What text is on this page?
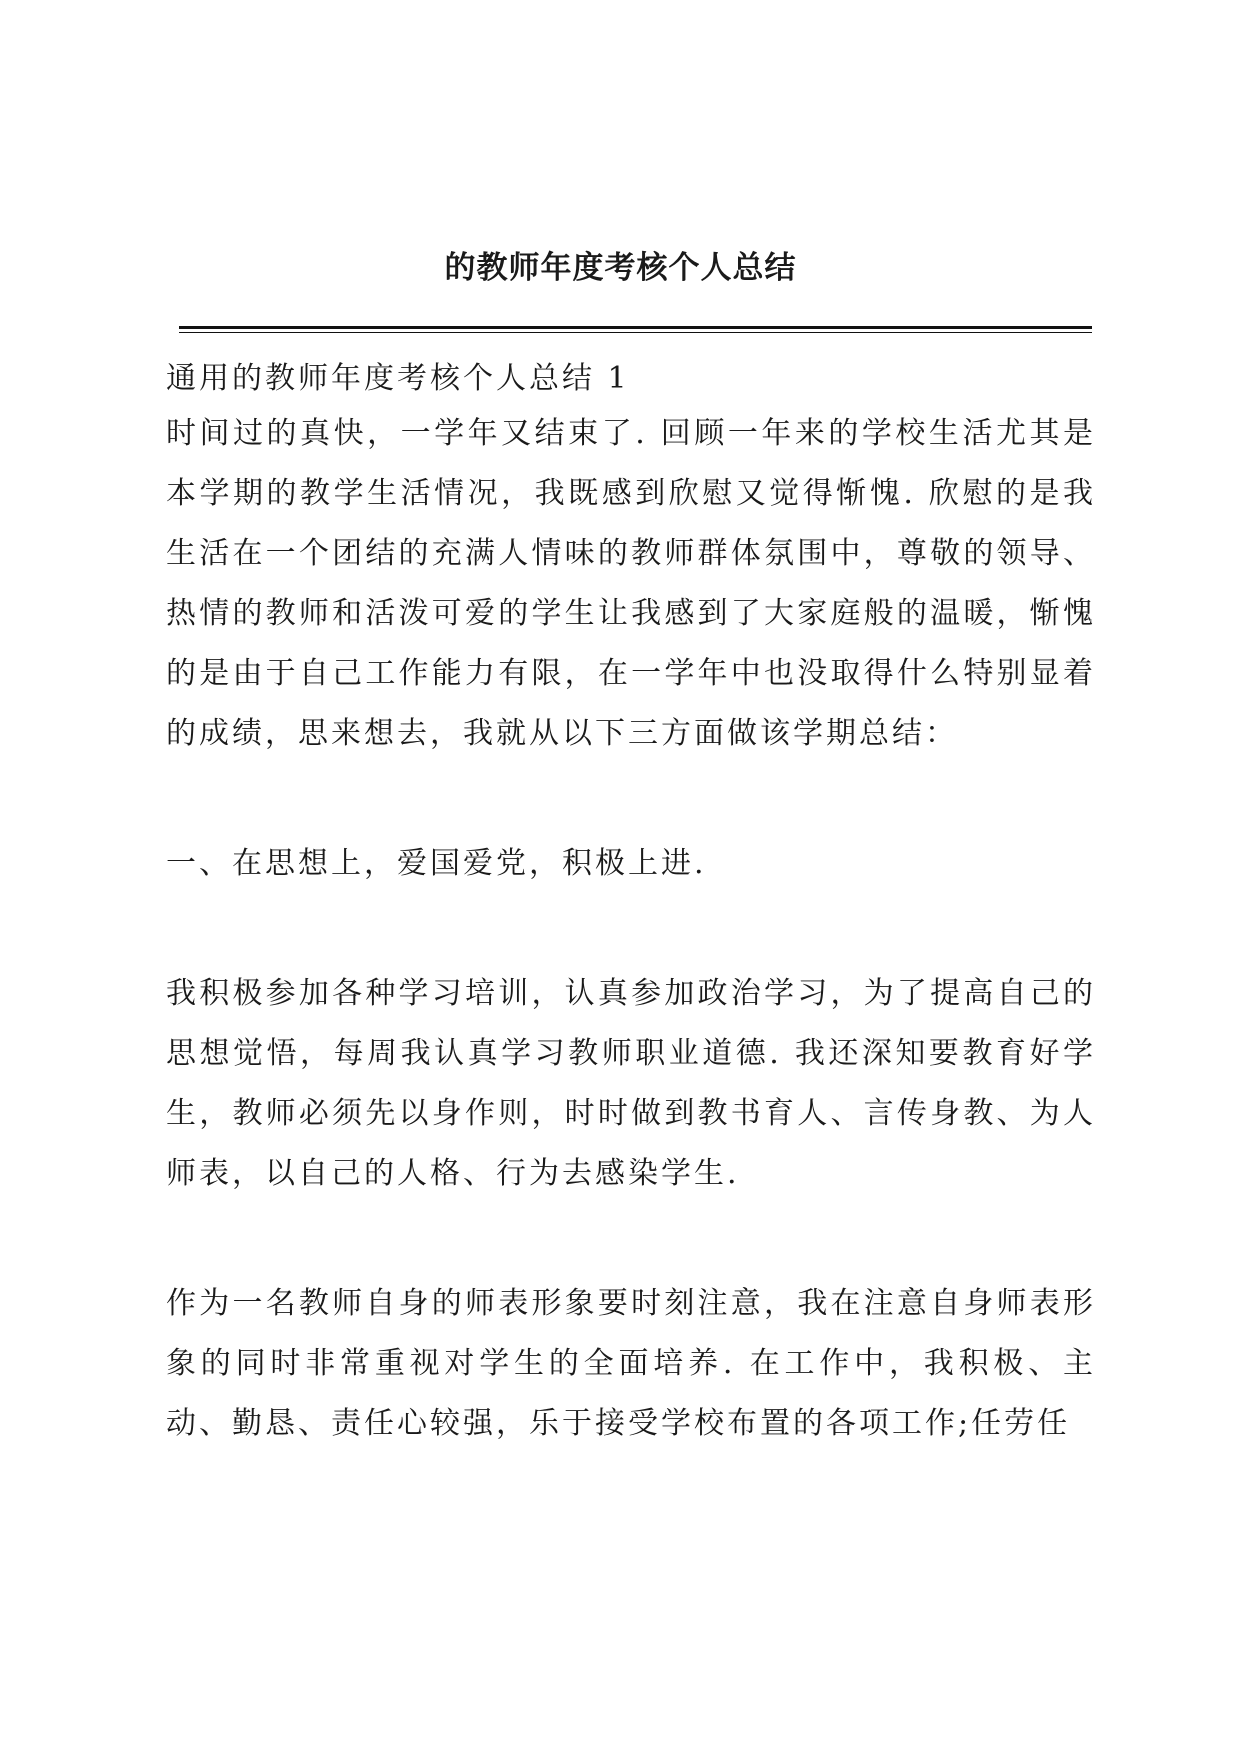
的教师年度考核个人总结

通用的教师年度考核个人总结 1

时间过的真快，一学年又结束了. 回顾一年来的学校生活尤其是本学期的教学生活情况，我既感到欣慰又觉得惭愧. 欣慰的是我生活在一个团结的充满人情味的教师群体氛围中，尊敬的领导、热情的教师和活泼可爱的学生让我感到了大家庭般的温暖，惭愧的是由于自己工作能力有限，在一学年中也没取得什么特别显着的成绩，思来想去，我就从以下三方面做该学期总结：

一、在思想上，爱国爱党，积极上进.

我积极参加各种学习培训，认真参加政治学习，为了提高自己的思想觉悟，每周我认真学习教师职业道德. 我还深知要教育好学生，教师必须先以身作则，时时做到教书育人、言传身教、为人师表，以自己的人格、行为去感染学生.

作为一名教师自身的师表形象要时刻注意，我在注意自身师表形象的同时非常重视对学生的全面培养. 在工作中，我积极、主动、勤恳、责任心较强，乐于接受学校布置的各项工作;任劳任
